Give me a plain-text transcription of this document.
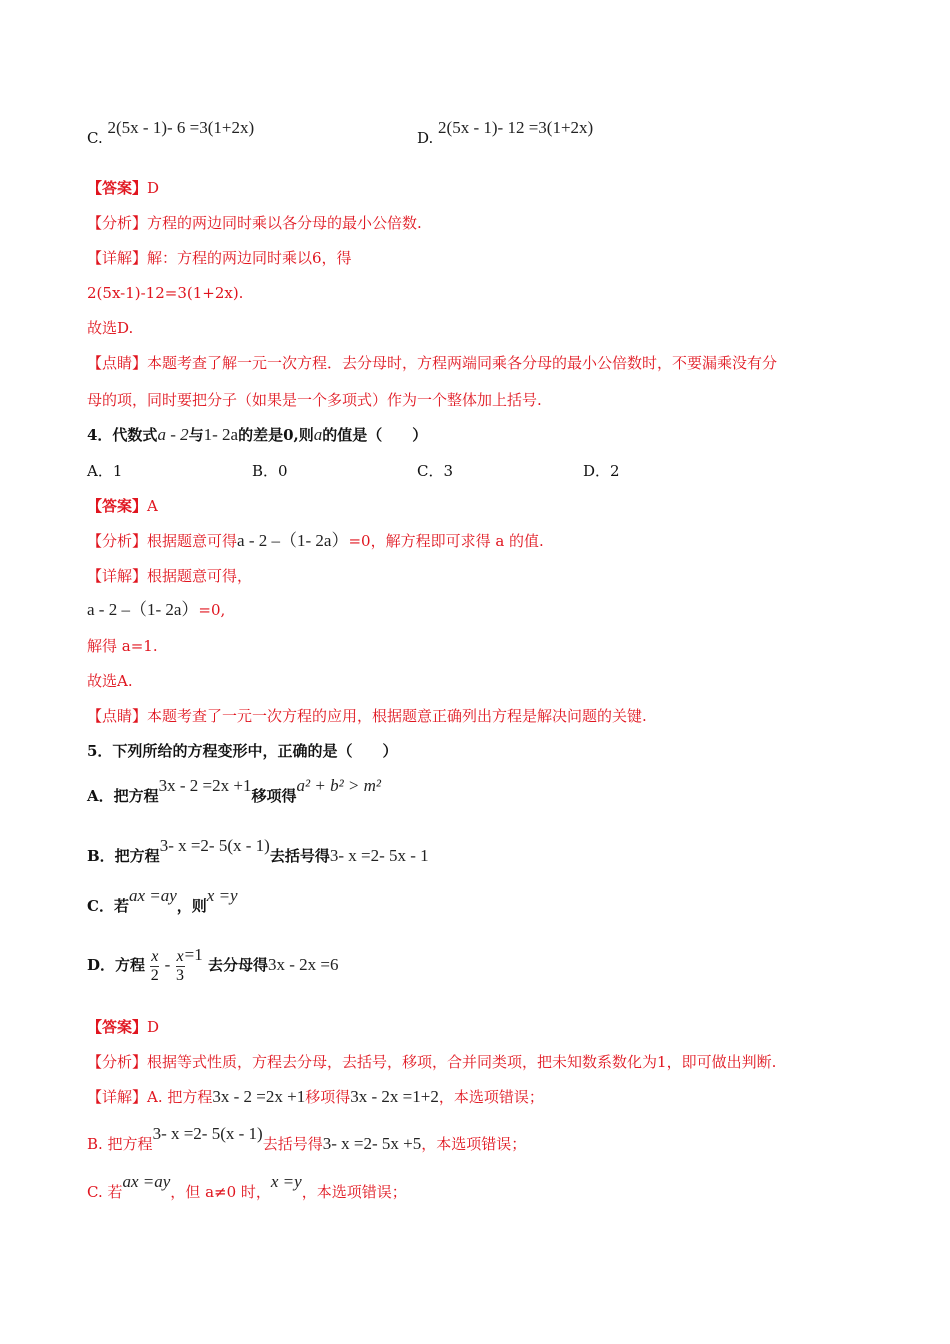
C. 2(5x - 1)- 6 =3(1+2x)
D. 2(5x - 1)- 12 =3(1+2x)
【答案】D
【分析】方程的两边同时乘以各分母的最小公倍数.
【详解】解：方程的两边同时乘以6，得
2(5x-1)-12=3(1+2x).
故选D.
【点睛】本题考查了解一元一次方程．去分母时，方程两端同乘各分母的最小公倍数时，不要漏乘没有分
母的项，同时要把分子（如果是一个多项式）作为一个整体加上括号.
4．代数式a - 2与1- 2a的差是0,则a的值是（　　）
A．1	B．0	C．3	D．2
【答案】A
【分析】根据题意可得a - 2 –（1- 2a）=0，解方程即可求得 a 的值.
【详解】根据题意可得，
a - 2 –（1- 2a）=0,
解得 a=1.
故选A.
【点睛】本题考查了一元一次方程的应用，根据题意正确列出方程是解决问题的关键.
5．下列所给的方程变形中，正确的是（　　）
A．把方程3x - 2 =2x +1移项得a² + b² > m²
B．把方程3- x =2- 5(x - 1)去括号得3- x =2- 5x - 1
C．若ax =ay，则x =y
D．方程 $\frac{x}{2} - \frac{x}{3} =1$ 去分母得3x - 2x =6
【答案】D
【分析】根据等式性质，方程去分母，去括号，移项，合并同类项，把未知数系数化为1，即可做出判断.
【详解】A. 把方程3x - 2 =2x +1移项得3x - 2x =1+2，本选项错误；
B. 把方程3- x =2- 5(x - 1)去括号得3- x =2- 5x +5，本选项错误；
C. 若ax =ay，但 a≠0 时，x =y，本选项错误；
